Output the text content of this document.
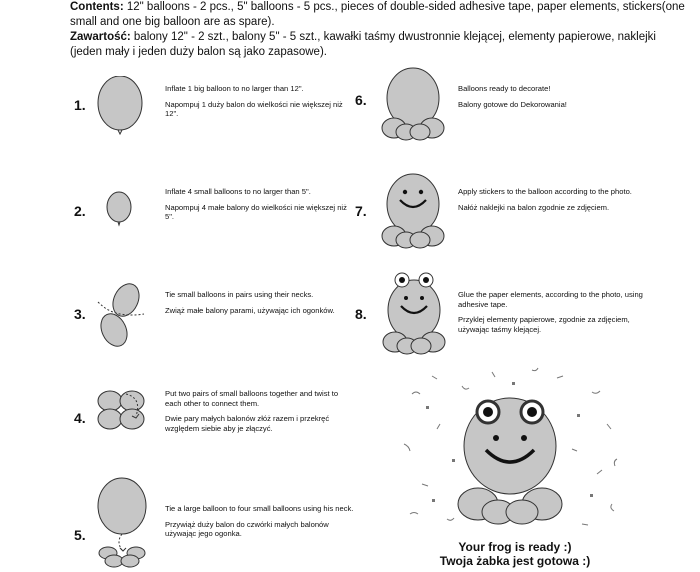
Contents: 12" balloons - 2 pcs., 5" balloons - 5 pcs., pieces of double-sided adhesive tape, paper elements, stickers(one small and one big balloon are as spare).
Zawartość: balony 12" - 2 szt., balony 5" - 5 szt., kawałki taśmy dwustronnie klejącej, elementy papierowe, naklejki (jeden mały i jeden duży balon są jako zapasowe).
1.

Inflate 1 big balloon to no larger than 12".

Napompuj 1 duży balon do wielkości nie większej niż 12".

2.

Inflate 4 small balloons to no larger than 5".

Napompuj 4 małe balony do wielkości nie większej niż 5".

3.

Tie small balloons in pairs using their necks.

Zwiąż małe balony parami, używając ich ogonków.

4.

Put two pairs of small balloons together and twist to each other to connect them.

Dwie pary małych balonów złóż razem i przekręć względem siebie aby je złączyć.

5.

Tie a large balloon to four small balloons using his neck.

Przywiąż duży balon do czwórki małych balonów używając jego ogonka.

6.

Balloons ready to decorate!

Balony gotowe do Dekorowania!

7.

Apply stickers to the balloon according to the photo.

Nałóż naklejki na balon zgodnie ze zdjęciem.

8.

Glue the paper elements, according to the photo, using adhesive tape.

Przyklej elementy papierowe, zgodnie za zdjęciem, używając taśmy klejącej.

Your frog is ready :)
Twoja żabka jest gotowa :)
